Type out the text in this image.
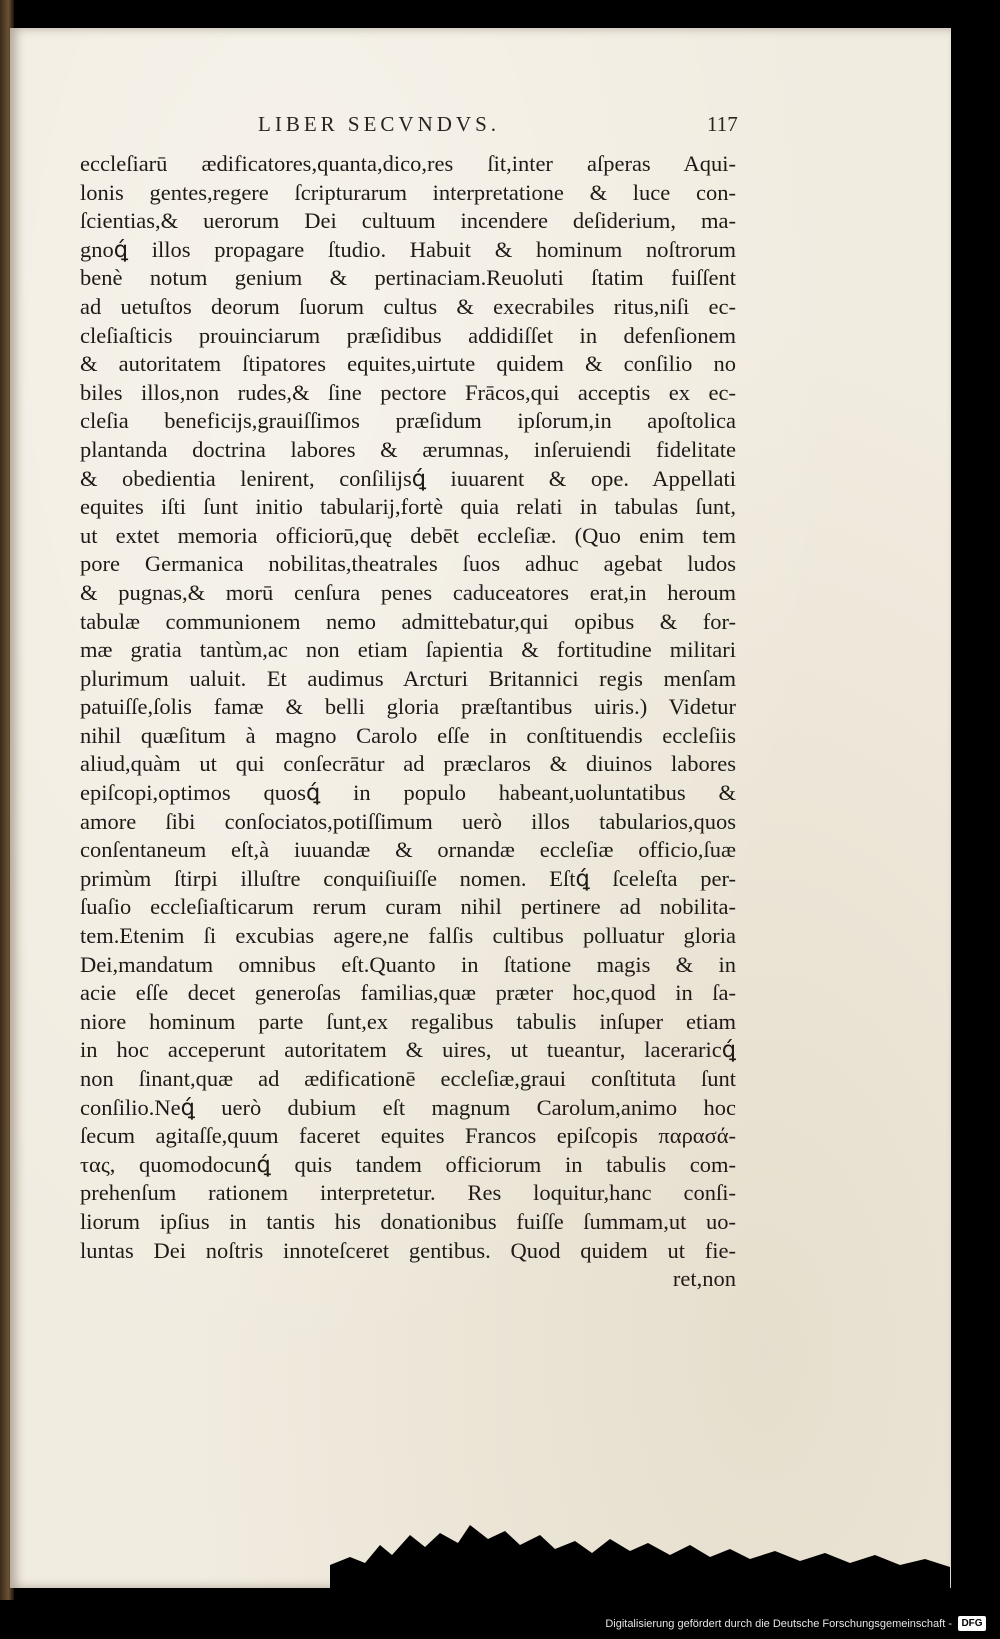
LIBER SECVNDVS.	117
eccleſiarū ædificatores,quanta,dico,res ſit,inter aſperas Aqui-
lonis gentes,regere ſcripturarum interpretatione & luce con-
ſcientias,& uerorum Dei cultuum incendere deſiderium, ma-
gnoꝗ́ illos propagare ſtudio. Habuit & hominum noſtrorum
benè notum genium & pertinaciam.Reuoluti ſtatim fuiſſent
ad uetuſtos deorum ſuorum cultus & execrabiles ritus,niſi ec-
cleſiaſticis prouinciarum præſidibus addidiſſet in defenſionem
& autoritatem ſtipatores equites,uirtute quidem & conſilio no
biles illos,non rudes,& ſine pectore Frācos,qui acceptis ex ec-
cleſia beneficijs,grauiſſimos præſidum ipſorum,in apoſtolica
plantanda doctrina labores & ærumnas, inſeruiendi fidelitate
& obedientia lenirent, conſilijsꝗ́ iuuarent & ope. Appellati
equites iſti ſunt initio tabularij,fortè quia relati in tabulas ſunt,
ut extet memoria officiorū,quę debēt eccleſiæ. (Quo enim tem
pore Germanica nobilitas,theatrales ſuos adhuc agebat ludos
& pugnas,& morū cenſura penes caduceatores erat,in heroum
tabulæ communionem nemo admittebatur,qui opibus & for-
mæ gratia tantùm,ac non etiam ſapientia & fortitudine militari
plurimum ualuit. Et audimus Arcturi Britannici regis menſam
patuiſſe,ſolis famæ & belli gloria præſtantibus uiris.) Videtur
nihil quæſitum à magno Carolo eſſe in conſtituendis eccleſiis
aliud,quàm ut qui conſecrātur ad præclaros & diuinos labores
epiſcopi,optimos quosꝗ́ in populo habeant,uoluntatibus &
amore ſibi conſociatos,potiſſimum uerò illos tabularios,quos
conſentaneum eſt,à iuuandæ & ornandæ eccleſiæ officio,ſuæ
primùm ſtirpi illuſtre conquiſiuiſſe nomen. Eſtꝗ́ ſceleſta per-
ſuaſio eccleſiaſticarum rerum curam nihil pertinere ad nobilita-
tem.Etenim ſi excubias agere,ne falſis cultibus polluatur gloria
Dei,mandatum omnibus eſt.Quanto in ſtatione magis & in
acie eſſe decet generoſas familias,quæ præter hoc,quod in ſa-
niore hominum parte ſunt,ex regalibus tabulis inſuper etiam
in hoc acceperunt autoritatem & uires, ut tueantur, laceraricꝗ́
non ſinant,quæ ad ædificationē eccleſiæ,graui conſtituta ſunt
conſilio.Neꝗ́ uerò dubium eſt magnum Carolum,animo hoc
ſecum agitaſſe,quum faceret equites Francos epiſcopis παρασά-
τας, quomodocunꝗ́ quis tandem officiorum in tabulis com-
prehenſum rationem interpretetur. Res loquitur,hanc conſi-
liorum ipſius in tantis his donationibus fuiſſe ſummam,ut uo-
luntas Dei noſtris innoteſceret gentibus. Quod quidem ut fie-
ret,non
Digitalisierung gefördert durch die Deutsche Forschungsgemeinschaft - DFG
